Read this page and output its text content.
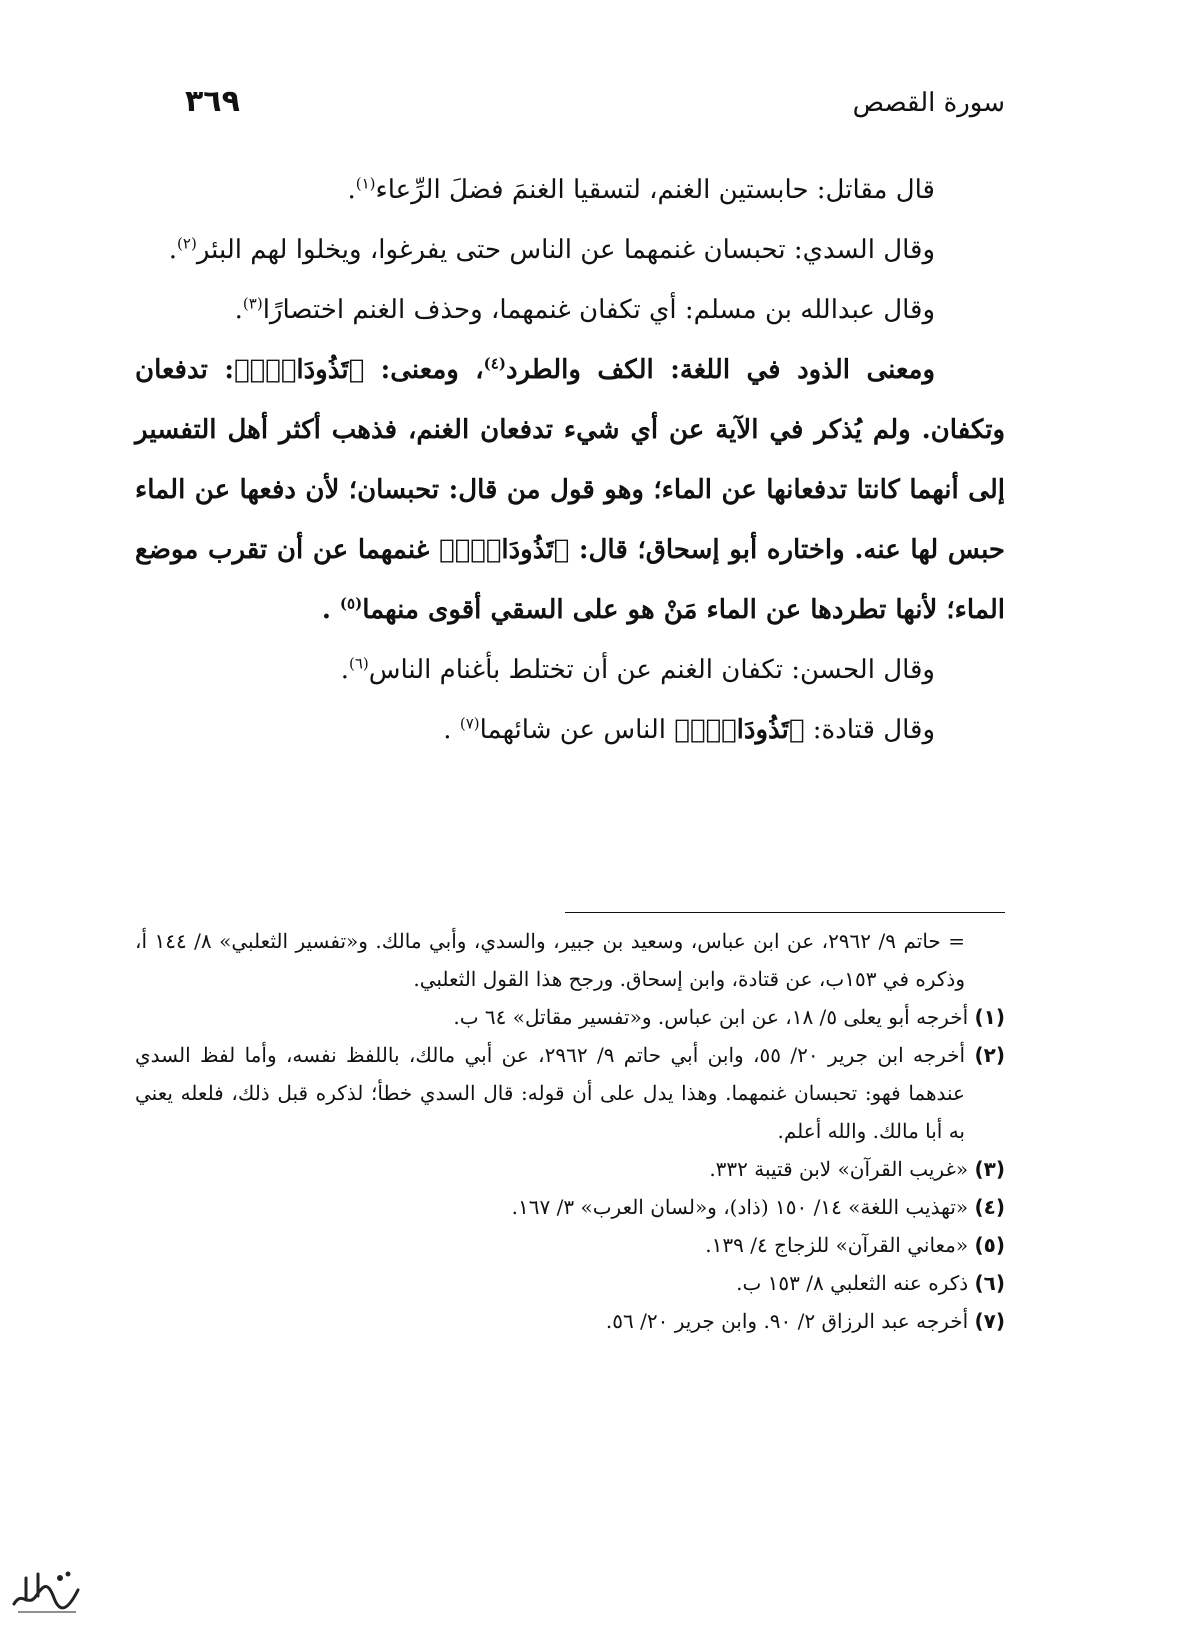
سورة القصص
٣٦٩

قال مقاتل: حابستين الغنم، لتسقيا الغنمَ فضلَ الرِّعاء$^{(١)}$.

وقال السدي: تحبسان غنمهما عن الناس حتى يفرغوا، ويخلوا لهم البئر$^{(٢)}$.

وقال عبدالله بن مسلم: أي تكفان غنمهما، وحذف الغنم اختصارًا$^{(٣)}$.

ومعنى الذود في اللغة: الكف والطرد$^{(٤)}$، ومعنى: ﴿تَذُودَانِۖ﴾: تدفعان وتكفان. ولم يُذكر في الآية عن أي شيء تدفعان الغنم، فذهب أكثر أهل التفسير إلى أنهما كانتا تدفعانها عن الماء؛ وهو قول من قال: تحبسان؛ لأن دفعها عن الماء حبس لها عنه. واختاره أبو إسحاق؛ قال: ﴿تَذُودَانِۖ﴾ غنمهما عن أن تقرب موضع الماء؛ لأنها تطردها عن الماء مَنْ هو على السقي أقوى منهما$^{(٥)}$ .

وقال الحسن: تكفان الغنم عن أن تختلط بأغنام الناس$^{(٦)}$.

وقال قتادة: ﴿تَذُودَانِۖ﴾ الناس عن شائهما$^{(٧)}$ .

= حاتم ٩/ ٢٩٦٢، عن ابن عباس، وسعيد بن جبير، والسدي، وأبي مالك. و«تفسير الثعلبي» ٨/ ١٤٤ أ، وذكره في ١٥٣ب، عن قتادة، وابن إسحاق. ورجح هذا القول الثعلبي.

(١) أخرجه أبو يعلى ٥/ ١٨، عن ابن عباس. و«تفسير مقاتل» ٦٤ ب.

(٢) أخرجه ابن جرير ٢٠/ ٥٥، وابن أبي حاتم ٩/ ٢٩٦٢، عن أبي مالك، باللفظ نفسه، وأما لفظ السدي عندهما فهو: تحبسان غنمهما. وهذا يدل على أن قوله: قال السدي خطأ؛ لذكره قبل ذلك، فلعله يعني به أبا مالك. والله أعلم.

(٣) «غريب القرآن» لابن قتيبة ٣٣٢.

(٤) «تهذيب اللغة» ١٤/ ١٥٠ (ذاد)، و«لسان العرب» ٣/ ١٦٧.

(٥) «معاني القرآن» للزجاج ٤/ ١٣٩.

(٦) ذكره عنه الثعلبي ٨/ ١٥٣ ب.

(٧) أخرجه عبد الرزاق ٢/ ٩٠. وابن جرير ٢٠/ ٥٦.
